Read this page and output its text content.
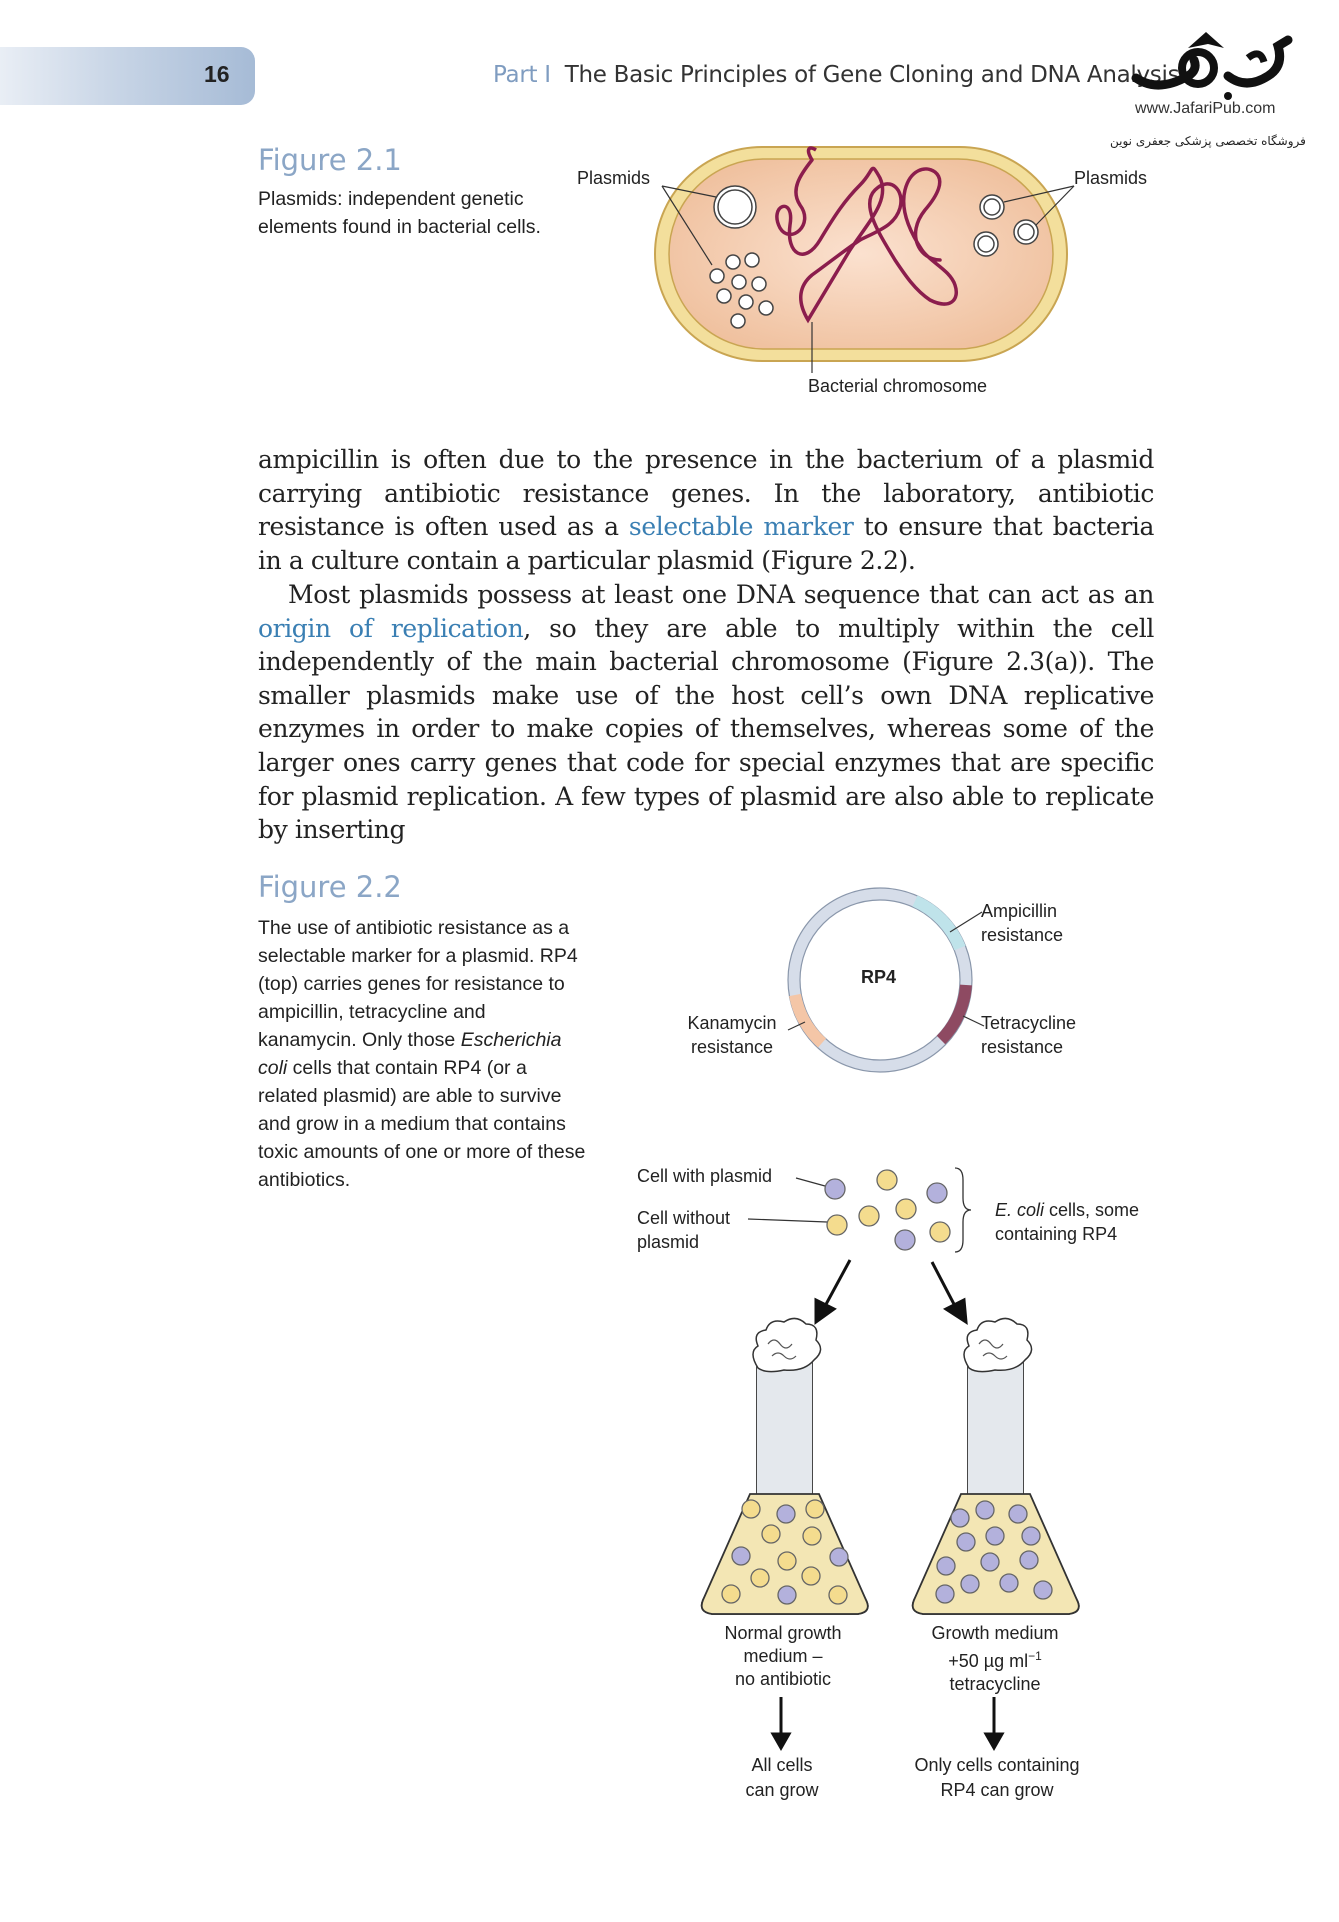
16	Part I The Basic Principles of Gene Cloning and DNA Analysis
www.JafariPub.com
فروشگاه تخصصی پزشکی جعفری نوین
Figure 2.1
Plasmids: independent genetic
elements found in bacterial cells.
Plasmids	Plasmids
Bacterial chromosome
ampicillin is often due to the presence in the bacterium of a plasmid carrying antibiotic resistance genes. In the laboratory, antibiotic resistance is often used as a selectable marker to ensure that bacteria in a culture contain a particular plasmid (Figure 2.2).
Most plasmids possess at least one DNA sequence that can act as an origin of replication, so they are able to multiply within the cell independently of the main bacterial chromosome (Figure 2.3(a)). The smaller plasmids make use of the host cell’s own DNA replicative enzymes in order to make copies of themselves, whereas some of the larger ones carry genes that code for special enzymes that are specific for plasmid replication. A few types of plasmid are also able to replicate by inserting
Figure 2.2
The use of antibiotic resistance as a
selectable marker for a plasmid. RP4
(top) carries genes for resistance to
ampicillin, tetracycline and
kanamycin. Only those Escherichia
coli cells that contain RP4 (or a
related plasmid) are able to survive
and grow in a medium that contains
toxic amounts of one or more of these
antibiotics.
Ampicillin
resistance
RP4
Tetracycline
resistance
Kanamycin
resistance
Cell with plasmid
Cell without
plasmid
E. coli cells, some
containing RP4
Normal growth
medium –
no antibiotic
Growth medium
+50 µg $ml^{-1}$
tetracycline
All cells
can grow
Only cells containing
RP4 can grow
